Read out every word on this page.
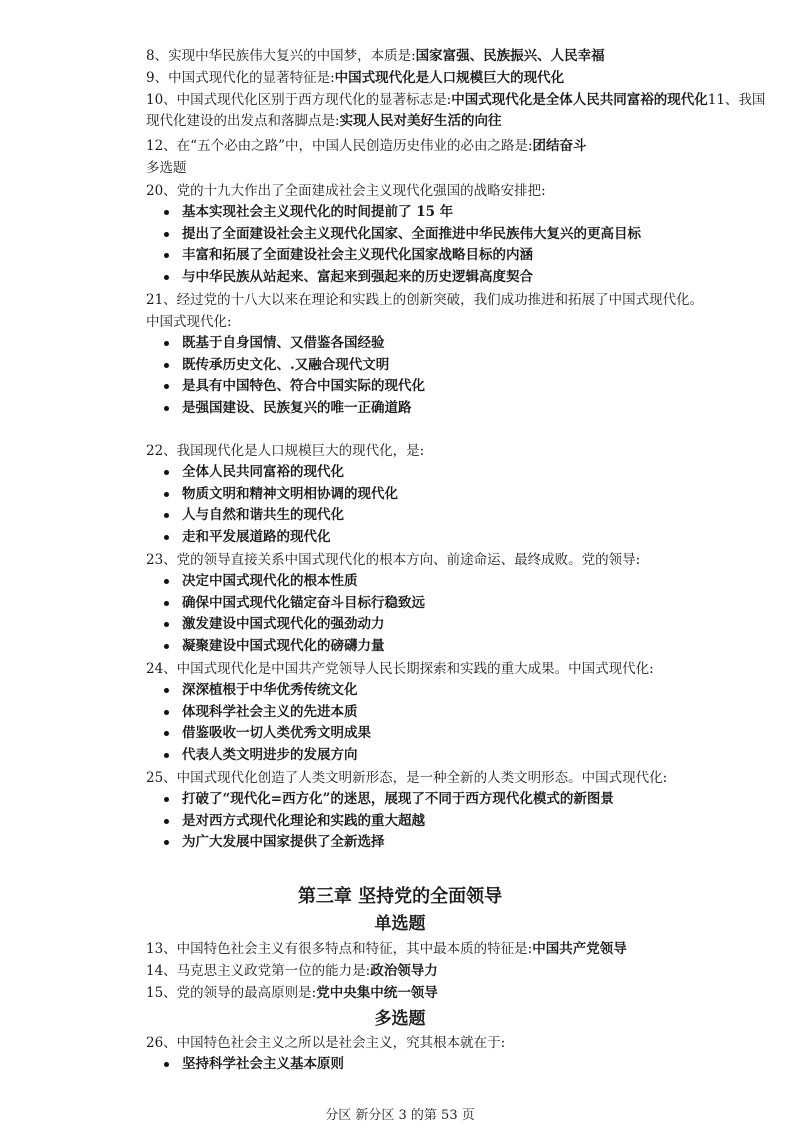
8、实现中华民族伟大复兴的中国梦，本质是:国家富强、民族振兴、人民幸福
9、中国式现代化的显著特征是:中国式现代化是人口规模巨大的现代化
10、中国式现代化区别于西方现代化的显著标志是:中国式现代化是全体人民共同富裕的现代化11、我国现代化建设的出发点和落脚点是:实现人民对美好生活的向往
12、在“五个必由之路”中，中国人民创造历史伟业的必由之路是:团结奋斗
多选题
20、党的十九大作出了全面建成社会主义现代化强国的战略安排把:
基本实现社会主义现代化的时间提前了 15 年
提出了全面建设社会主义现代化国家、全面推进中华民族伟大复兴的更高目标
丰富和拓展了全面建设社会主义现代化国家战略目标的内涵
与中华民族从站起来、富起来到强起来的历史逻辑高度契合
21、经过党的十八大以来在理论和实践上的创新突破，我们成功推进和拓展了中国式现代化。
中国式现代化:
既基于自身国情、又借鉴各国经验
既传承历史文化、.又融合现代文明
是具有中国特色、符合中国实际的现代化
是强国建设、民族复兴的唯一正确道路
22、我国现代化是人口规模巨大的现代化，是:
全体人民共同富裕的现代化
物质文明和精神文明相协调的现代化
人与自然和谐共生的现代化
走和平发展道路的现代化
23、党的领导直接关系中国式现代化的根本方向、前途命运、最终成败。党的领导:
决定中国式现代化的根本性质
确保中国式现代化锚定奋斗目标行稳致远
激发建设中国式现代化的强劲动力
凝聚建设中国式现代化的磅礴力量
24、中国式现代化是中国共产党领导人民长期探索和实践的重大成果。中国式现代化:
深深植根于中华优秀传统文化
体现科学社会主义的先进本质
借鉴吸收一切人类优秀文明成果
代表人类文明进步的发展方向
25、中国式现代化创造了人类文明新形态，是一种全新的人类文明形态。中国式现代化:
打破了“现代化=西方化”的迷思，展现了不同于西方现代化模式的新图景
是对西方式现代化理论和实践的重大超越
为广大发展中国家提供了全新选择
第三章 坚持党的全面领导
单选题
13、中国特色社会主义有很多特点和特征，其中最本质的特征是:中国共产党领导
14、马克思主义政党第一位的能力是:政治领导力
15、党的领导的最高原则是:党中央集中统一领导
多选题
26、中国特色社会主义之所以是社会主义，究其根本就在于:
坚持科学社会主义基本原则
分区 新分区 3 的第 53 页
